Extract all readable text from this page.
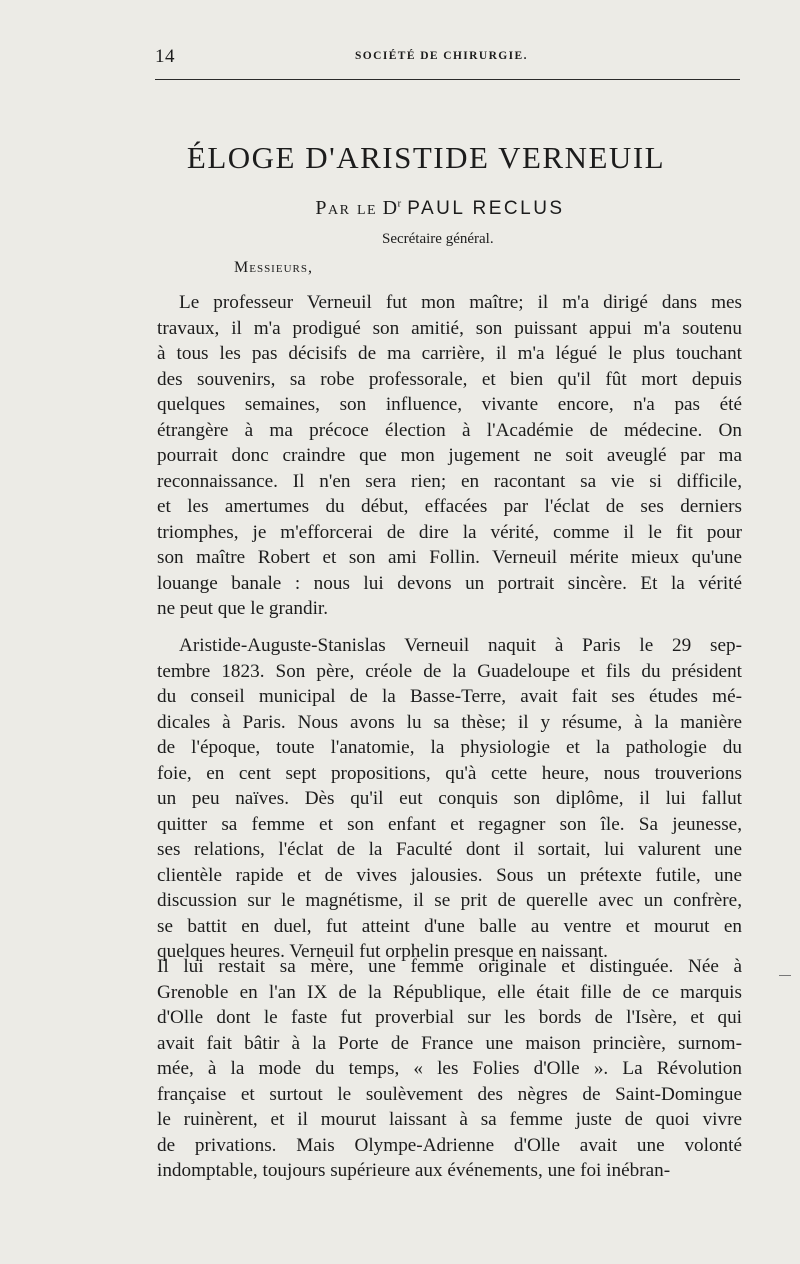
14	SOCIÉTÉ DE CHIRURGIE.
ÉLOGE D'ARISTIDE VERNEUIL
Par le $D^r$ PAUL RECLUS
Secrétaire général.
Messieurs,
Le professeur Verneuil fut mon maître; il m'a dirigé dans mes
travaux, il m'a prodigué son amitié, son puissant appui m'a soutenu
à tous les pas décisifs de ma carrière, il m'a légué le plus touchant
des souvenirs, sa robe professorale, et bien qu'il fût mort depuis
quelques semaines, son influence, vivante encore, n'a pas été
étrangère à ma précoce élection à l'Académie de médecine. On
pourrait donc craindre que mon jugement ne soit aveuglé par ma
reconnaissance. Il n'en sera rien; en racontant sa vie si difficile,
et les amertumes du début, effacées par l'éclat de ses derniers
triomphes, je m'efforcerai de dire la vérité, comme il le fit pour
son maître Robert et son ami Follin. Verneuil mérite mieux qu'une
louange banale : nous lui devons un portrait sincère. Et la vérité
ne peut que le grandir.
Aristide-Auguste-Stanislas Verneuil naquit à Paris le 29 sep-
tembre 1823. Son père, créole de la Guadeloupe et fils du président
du conseil municipal de la Basse-Terre, avait fait ses études mé-
dicales à Paris. Nous avons lu sa thèse; il y résume, à la manière
de l'époque, toute l'anatomie, la physiologie et la pathologie du
foie, en cent sept propositions, qu'à cette heure, nous trouverions
un peu naïves. Dès qu'il eut conquis son diplôme, il lui fallut
quitter sa femme et son enfant et regagner son île. Sa jeunesse,
ses relations, l'éclat de la Faculté dont il sortait, lui valurent une
clientèle rapide et de vives jalousies. Sous un prétexte futile, une
discussion sur le magnétisme, il se prit de querelle avec un confrère,
se battit en duel, fut atteint d'une balle au ventre et mourut en
quelques heures. Verneuil fut orphelin presque en naissant.
Il lui restait sa mère, une femme originale et distinguée. Née à
Grenoble en l'an IX de la République, elle était fille de ce marquis
d'Olle dont le faste fut proverbial sur les bords de l'Isère, et qui
avait fait bâtir à la Porte de France une maison princière, surnom-
mée, à la mode du temps, « les Folies d'Olle ». La Révolution
française et surtout le soulèvement des nègres de Saint-Domingue
le ruinèrent, et il mourut laissant à sa femme juste de quoi vivre
de privations. Mais Olympe-Adrienne d'Olle avait une volonté
indomptable, toujours supérieure aux événements, une foi inébran-
